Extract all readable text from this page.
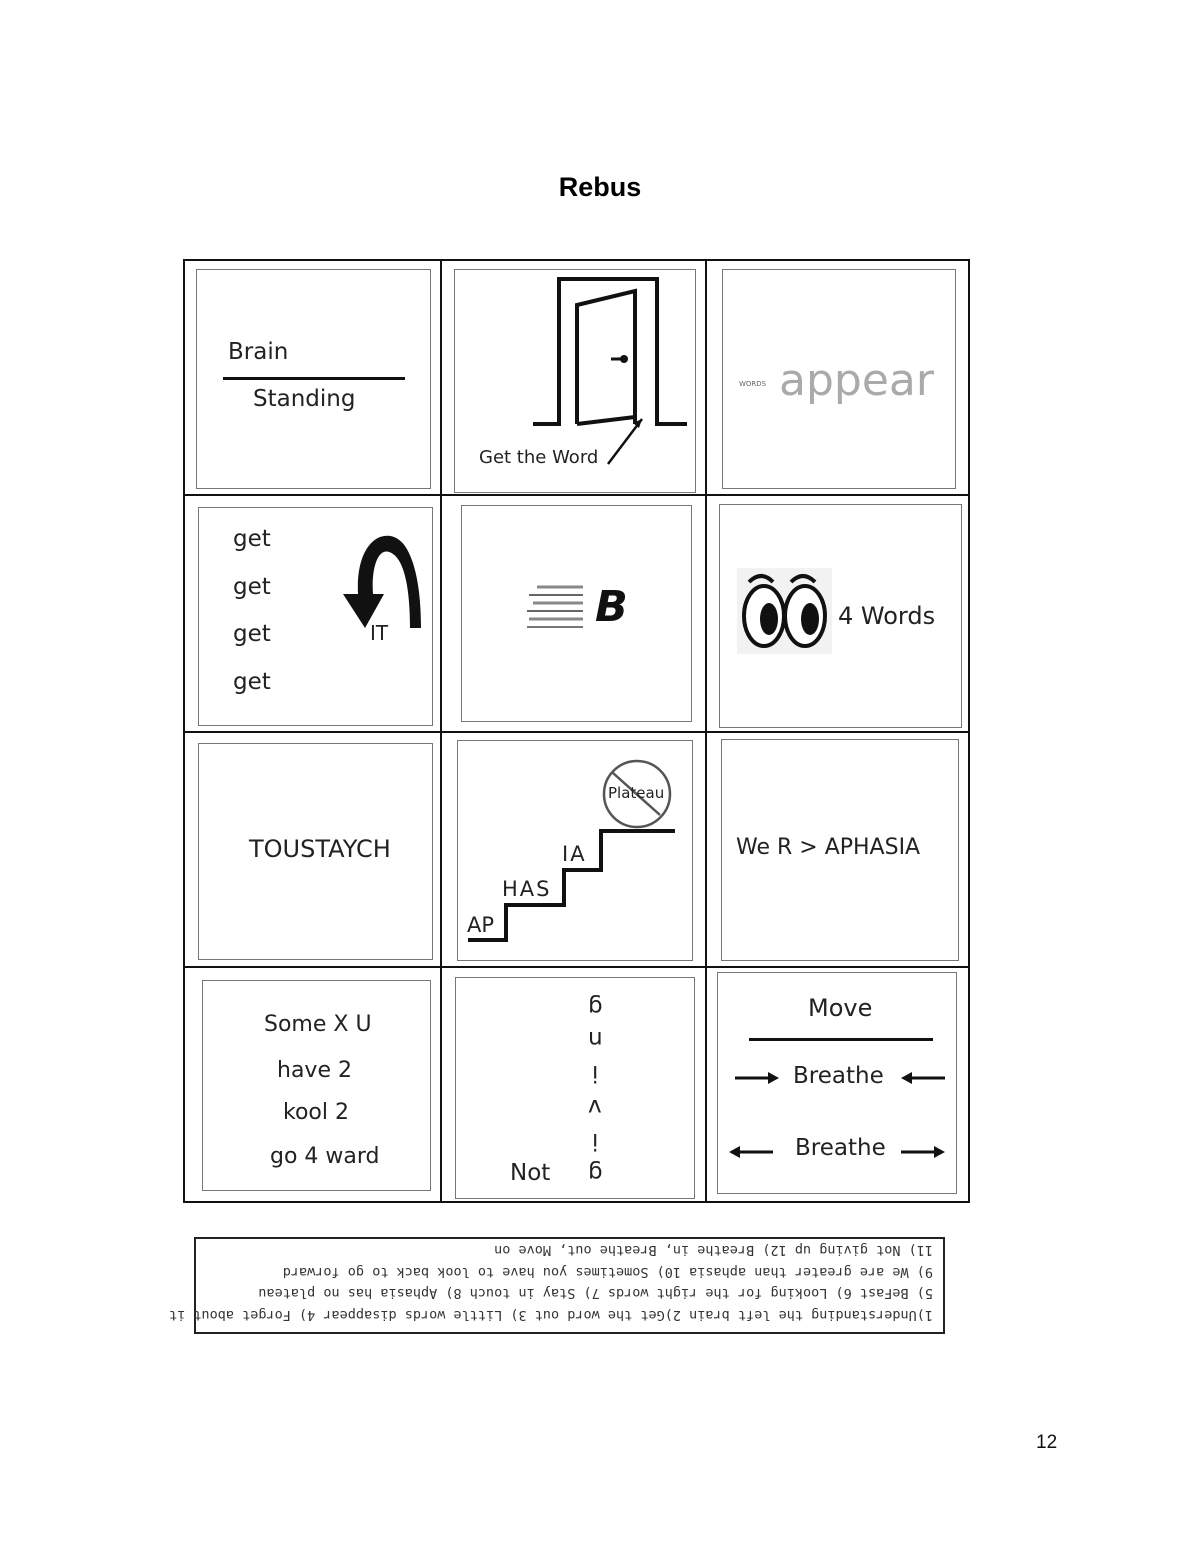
Rebus
Brain
Standing
Get the Word
WORDS appear
get
get
get
get
IT
B	4 Words
TOUSTAYCH
AP
HAS
IA
Plateau
We R > APHASIA
Some X U
have 2
kool 2
go 4 ward
Not
g
n
i
v
i
g
Move
Breathe
Breathe
1)Understanding the left brain 2)Get the word out 3) Little words disappear 4) Forget about it
5) BeFast 6) Looking for the right words 7) Stay in touch 8) Aphasia has no plateau
9) We are greater than aphasia 10) Sometimes you have to look back to go forward
11) Not giving up 12) Breathe in, Breathe out, Move on
12
